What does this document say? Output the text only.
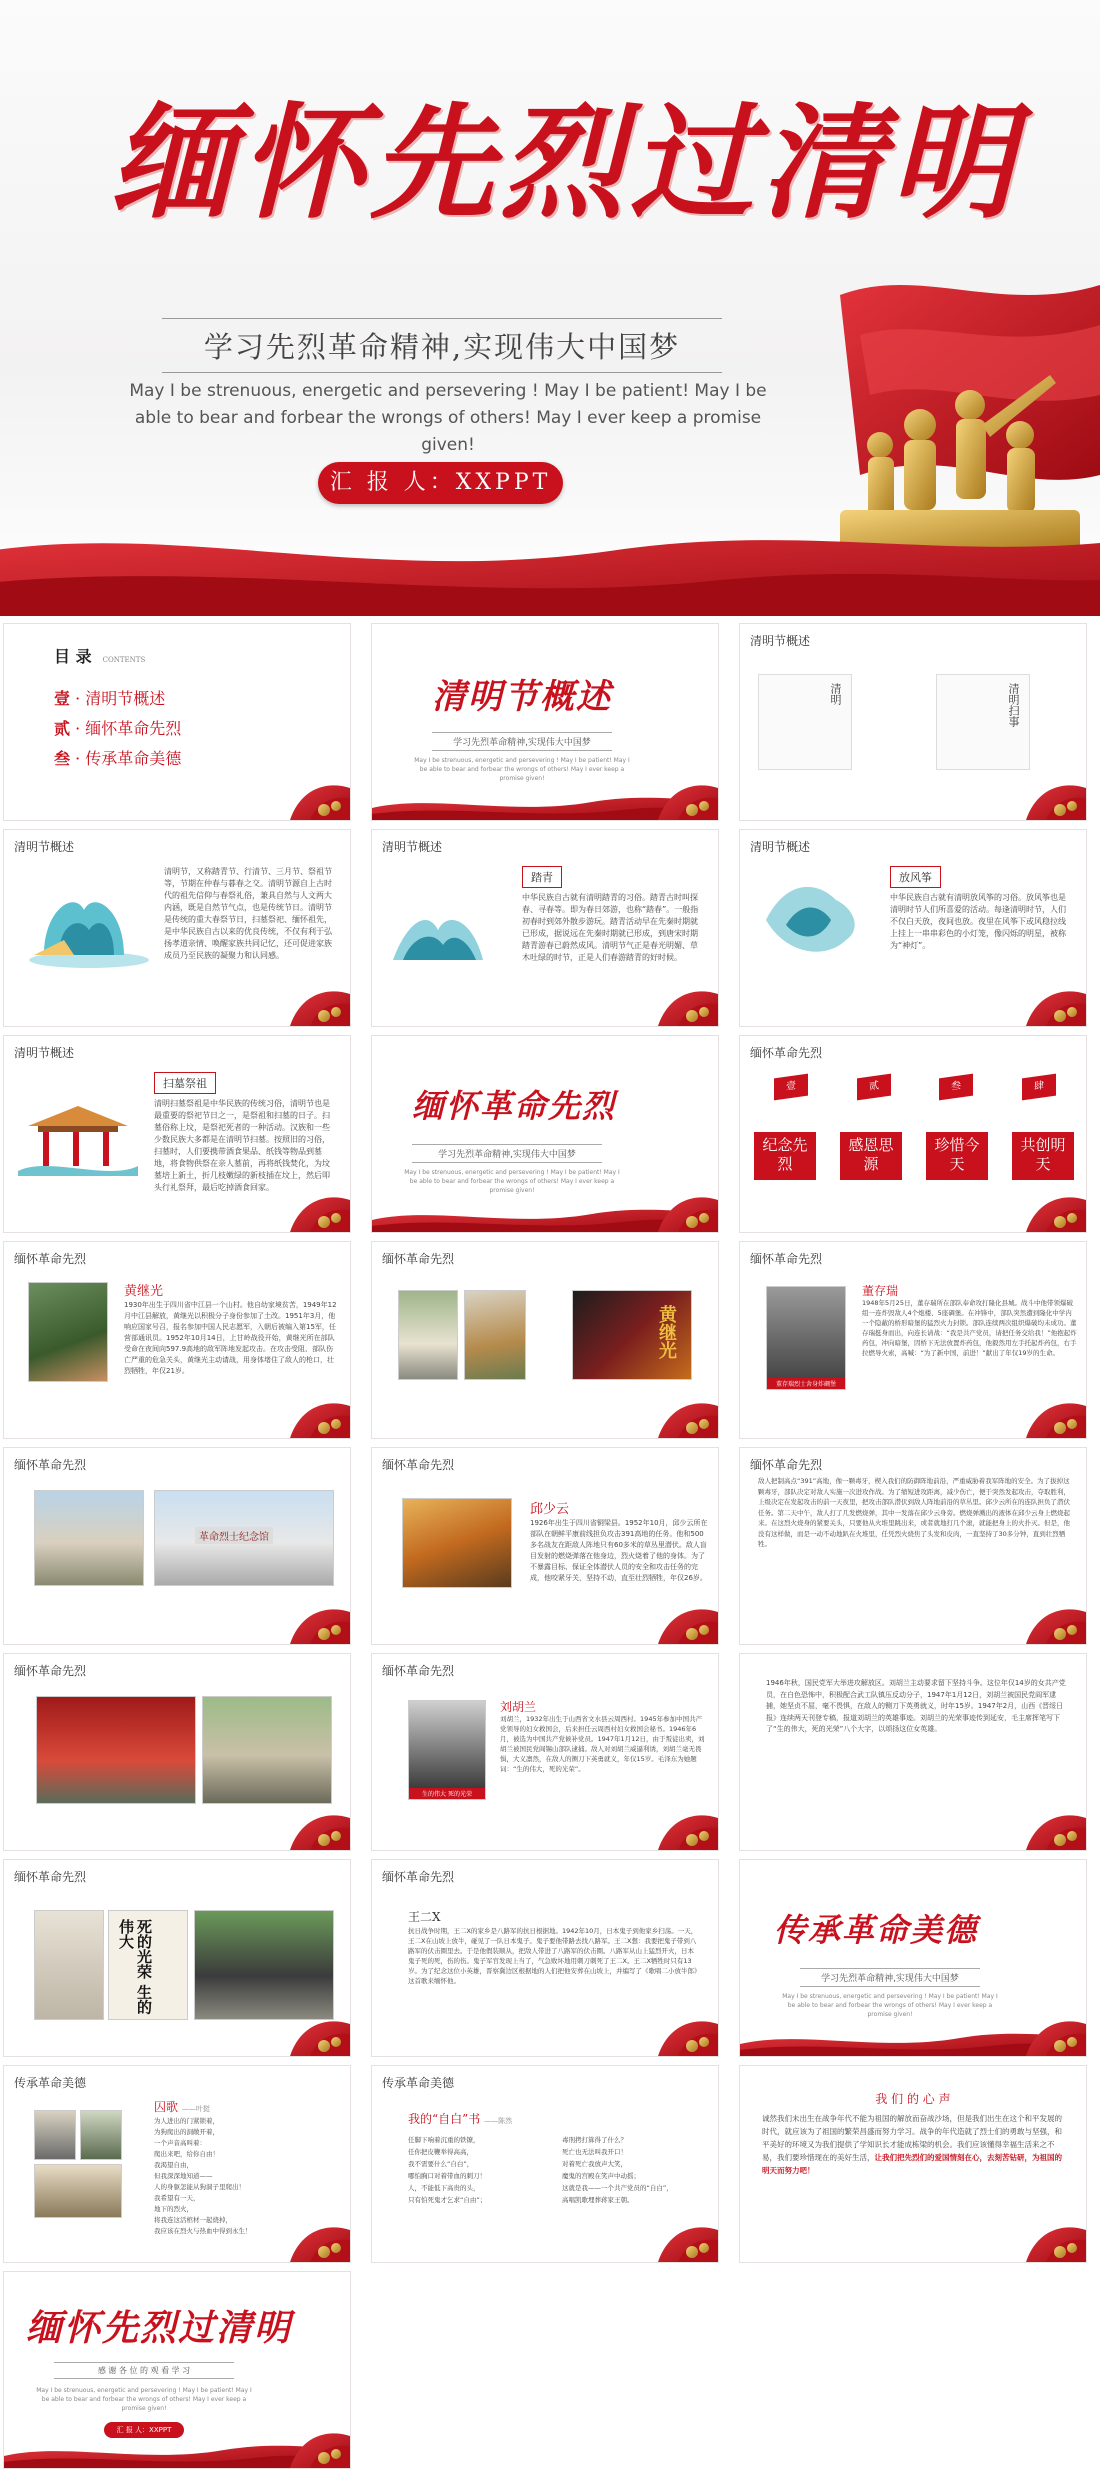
缅怀先烈过清明
学习先烈革命精神,实现伟大中国梦
May I be strenuous, energetic and persevering ! May I be patient! May I be able to bear and forbear the wrongs of others! May I ever keep a promise given!
汇 报 人：XXPPT
目 录 CONTENTS
壹 · 清明节概述
贰 · 缅怀革命先烈
叁 · 传承革命美德
清明节概述
学习先烈革命精神,实现伟大中国梦
May I be strenuous, energetic and persevering ! May I be patient! May I be able to bear and forbear the wrongs of others! May I ever keep a promise given!
清明节概述
清明	清明扫事
清明节概述
清明节，又称踏青节、行清节、三月节、祭祖节等，节期在仲春与暮春之交。清明节源自上古时代的祖先信仰与春祭礼俗，兼具自然与人文两大内涵，既是自然节气点，也是传统节日。清明节是传统的重大春祭节日，扫墓祭祀、缅怀祖先，是中华民族自古以来的优良传统，不仅有利于弘扬孝道亲情、唤醒家族共同记忆，还可促进家族成员乃至民族的凝聚力和认同感。
清明节概述
踏青
中华民族自古就有清明踏青的习俗。踏青古时叫探春、寻春等。即为春日郊游，也称“踏春”。一般指初春时到郊外散步游玩。踏青活动早在先秦时期就已形成，据说远在先秦时期就已形成，到唐宋时期踏青游春已蔚然成风。清明节气正是春光明媚、草木吐绿的时节，正是人们春游踏青的好时候。
清明节概述
放风筝
中华民族自古就有清明放风筝的习俗。放风筝也是清明时节人们所喜爱的活动。每逢清明时节，人们不仅白天放，夜间也放。夜里在风筝下或风稳拉线上挂上一串串彩色的小灯笼，像闪烁的明星，被称为“神灯”。
清明节概述
扫墓祭祖
清明扫墓祭祖是中华民族的传统习俗，清明节也是最重要的祭祀节日之一，是祭祖和扫墓的日子。扫墓俗称上坟，是祭祀死者的一种活动。汉族和一些少数民族大多都是在清明节扫墓。按照旧的习俗，扫墓时，人们要携带酒食果品、纸钱等物品到墓地，将食物供祭在亲人墓前，再将纸钱焚化，为坟墓培上新土，折几枝嫩绿的新枝插在坟上，然后叩头行礼祭拜，最后吃掉酒食回家。
缅怀革命先烈
学习先烈革命精神,实现伟大中国梦
May I be strenuous, energetic and persevering ! May I be patient! May I be able to bear and forbear the wrongs of others! May I ever keep a promise given!
缅怀革命先烈
壹	贰	叁	肆
纪念先烈
感恩思源
珍惜今天
共创明天
缅怀革命先烈
黄继光
1930年出生于四川省中江县一个山村。他自幼家境贫苦，1949年12月中江县解放，黄继光以积极分子身份参加了土改。1951年3月，他响应国家号召，报名参加中国人民志愿军，入朝后被编入第15军，任营部通讯员。1952年10月14日，上甘岭战役开始，黄继光所在部队受命在夜间向597.9高地的敌军阵地发起攻击。在攻击受阻、部队伤亡严重的危急关头，黄继光主动请战，用身体堵住了敌人的枪口，壮烈牺牲，年仅21岁。
缅怀革命先烈
黄继光
缅怀革命先烈
董存瑞烈士舍身炸碉堡
董存瑞
1948年5月25日，董存瑞所在部队奉命攻打隆化县城。战斗中他带领爆破组一连炸毁敌人4个炮楼、5座碉堡。在冲锋中，部队突然遭到隆化中学内一个隐蔽的桥形暗堡的猛烈火力封锁。部队连续两次组织爆破均未成功。董存瑞挺身而出，向连长请战：“我是共产党员，请把任务交给我！”他抱起炸药包，冲向暗堡，因桥下无法放置炸药包，他毅然用左手托起炸药包，右手拉燃导火索，高喊：“为了新中国，前进！”献出了年仅19岁的生命。
缅怀革命先烈
革命烈士纪念馆
缅怀革命先烈
邱少云
1926年出生于四川省铜梁县。1952年10月，邱少云所在部队在朝鲜平康前线担负攻击391高地的任务。他和500多名战友在距敌人阵地只有60多米的草丛里潜伏。敌人盲目发射的燃烧弹落在他身边，烈火烧着了他的身体。为了不暴露目标、保证全体潜伏人员的安全和攻击任务的完成，他咬紧牙关，坚持不动，直至壮烈牺牲，年仅26岁。
缅怀革命先烈
敌人把制高点“391”高地，像一颗毒牙，楔入我们的防御阵地前沿，严重威胁着我军阵地的安全。为了拔掉这颗毒牙，部队决定对敌人实施一次进攻作战。为了缩短进攻距离，减少伤亡，便于突然发起攻击，夺取胜利，上级决定在发起攻击的前一天夜里，把攻击部队潜伏到敌人阵地前沿的草丛里。邱少云所在的连队担负了潜伏任务。第二天中午，敌人打了几发燃烧弹，其中一发落在邱少云身旁。燃烧弹溅出的液体在邱少云身上燃烧起来。在这烈火烧身的紧要关头，只要他从火堆里跳出来，或者就地打几个滚，就能把身上的火扑灭。但是，他没有这样做，而是一动不动地趴在火堆里，任凭烈火烧焦了头发和皮肉，一直坚持了30多分钟，直到壮烈牺牲。
缅怀革命先烈	缅怀革命先烈
生的伟大 死的光荣
刘胡兰
刘胡兰，1932年出生于山西省文水县云周西村。1945年参加中国共产党领导的妇女救国会，后来担任云周西村妇女救国会秘书。1946年6月，被选为中国共产党候补党员。1947年1月12日，由于叛徒出卖，刘胡兰被国民党阎锡山部队逮捕。敌人对刘胡兰威逼利诱，刘胡兰毫无畏惧，大义凛然，在敌人的铡刀下英勇就义，年仅15岁。毛泽东为她题词：“生的伟大，死的光荣”。
1946年秋，国民党军大举进攻解放区。刘胡兰主动要求留下坚持斗争。这位年仅14岁的女共产党员，在白色恐怖中，积极配合武工队镇压反动分子，1947年1月12日，刘胡兰被国民党阎军逮捕，她坚贞不屈，毫不畏惧，在敌人的铡刀下英勇就义，时年15岁。1947年2月，山西《晋绥日报》连续两天刊登专稿，报道刘胡兰的英雄事迹。刘胡兰的光荣事迹传到延安，毛主席挥笔写下了“生的伟大，死的光荣”八个大字，以颂扬这位女英雄。
缅怀革命先烈
死的光荣 生的伟大
缅怀革命先烈
王二X
抗日战争时期，王二X的家乡是八路军的抗日根据地。1942年10月，日本鬼子到他家乡扫荡。一天，王二X在山坡上放牛，碰见了一队日本鬼子。鬼子要他带路去找八路军。王二X想：我要把鬼子带到八路军的伏击圈里去。于是他假装顺从，把敌人带进了八路军的伏击圈。八路军从山上猛烈开火，日本鬼子死的死，伤的伤。鬼子军官发现上当了，气急败坏地用刺刀刺死了王二X。王二X牺牲时只有13岁。为了纪念这位小英雄，晋察冀边区根据地的人们把他安葬在山坡上，并编写了《歌唱二小放牛郎》这首歌来缅怀他。
传承革命美德
学习先烈革命精神,实现伟大中国梦
May I be strenuous, energetic and persevering ! May I be patient! May I be able to bear and forbear the wrongs of others! May I ever keep a promise given!
传承革命美德
囚歌 ——叶挺
为人进出的门紧锁着，
为狗爬出的洞敞开着，
一个声音高叫着：
爬出来吧，给你自由！
我渴望自由，
但我深深地知道——
人的身躯怎能从狗洞子里爬出！
我希望有一天，
地下的烈火，
将我连这活棺材一起烧掉，
我应该在烈火与热血中得到永生！
传承革命美德
我的“自白”书 ——陈然
任脚下响着沉重的铁镣，
任你把皮鞭举得高高，
我不需要什么“自白”，
哪怕胸口对着带血的刺刀！
人，不能低下高贵的头，
只有怕死鬼才乞求“自由”；
毒刑拷打算得了什么？
死亡也无法叫我开口！
对着死亡我放声大笑，
魔鬼的宫殿在笑声中动摇；
这就是我——一个共产党员的“自白”，
高唱凯歌埋葬蒋家王朝。
我 们 的 心 声
诚然我们未出生在战争年代不能为祖国的解放而奋战沙场，但是我们出生在这个和平发展的时代，就应该为了祖国的繁荣昌盛而努力学习。战争的年代造就了烈士们的勇敢与坚强，和平美好的环境又为我们提供了学知识长才能成栋梁的机会。我们应该懂得幸福生活来之不易，我们要珍惜现在的美好生活，让我们把先烈们的爱国情刻在心，去刻苦钻研，为祖国的明天而努力吧！
缅怀先烈过清明
感 谢 各 位 的 观 看 学 习
May I be strenuous, energetic and persevering ! May I be patient! May I be able to bear and forbear the wrongs of others! May I ever keep a promise given!
汇 报 人：XXPPT
